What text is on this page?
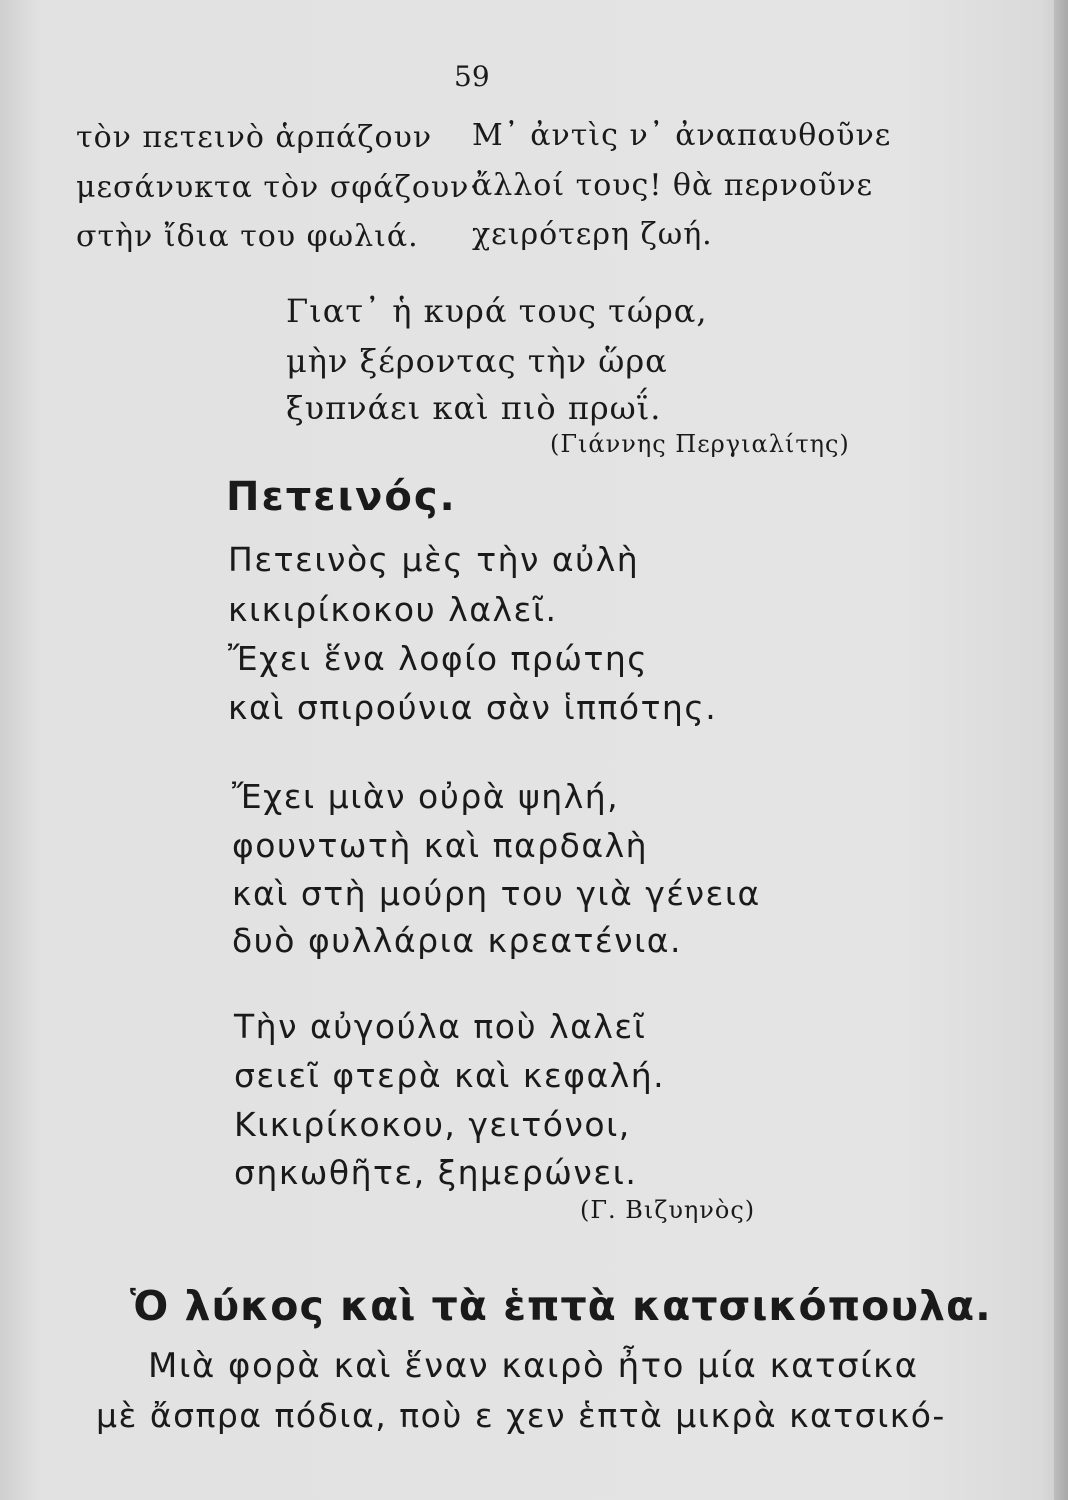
59
τὸν πετεινὸ ἁρπάζουν
μεσάνυκτα τὸν σφάζουν·
στὴν ἴδια του φωλιά.
Μ᾽ ἀντὶς ν᾽ ἀναπαυθοῦνε
ἄλλοί τους! θὰ περνοῦνε
χειρότερη ζωή.
Γιατ᾽ ἡ κυρά τους τώρα,
μὴν ξέροντας τὴν ὥρα
ξυπνάει καὶ πιὸ πρωΐ.
(Γιάννης Περγιαλίτης)
Πετεινός.
Πετεινὸς μὲς τὴν αὐλὴ
κικιρίκοκου λαλεῖ.
Ἔχει ἕνα λοφίο πρώτης
καὶ σπιρούνια σὰν ἱππότης.
Ἔχει μιὰν οὐρὰ ψηλή,
φουντωτὴ καὶ παρδαλὴ
καὶ στὴ μούρη του γιὰ γένεια
δυὸ φυλλάρια κρεατένια.
Τὴν αὐγούλα ποὺ λαλεῖ
σειεῖ φτερὰ καὶ κεφαλή.
Κικιρίκοκου, γειτόνοι,
σηκωθῆτε, ξημερώνει.
(Γ. Βιζυηνὸς)
Ὁ λύκος καὶ τὰ ἑπτὰ κατσικόπουλα.
Μιὰ φορὰ καὶ ἕναν καιρὸ ἦτο μία κατσίκα
μὲ ἄσπρα πόδια, ποὺ ε χεν ἑπτὰ μικρὰ κατσικό-
